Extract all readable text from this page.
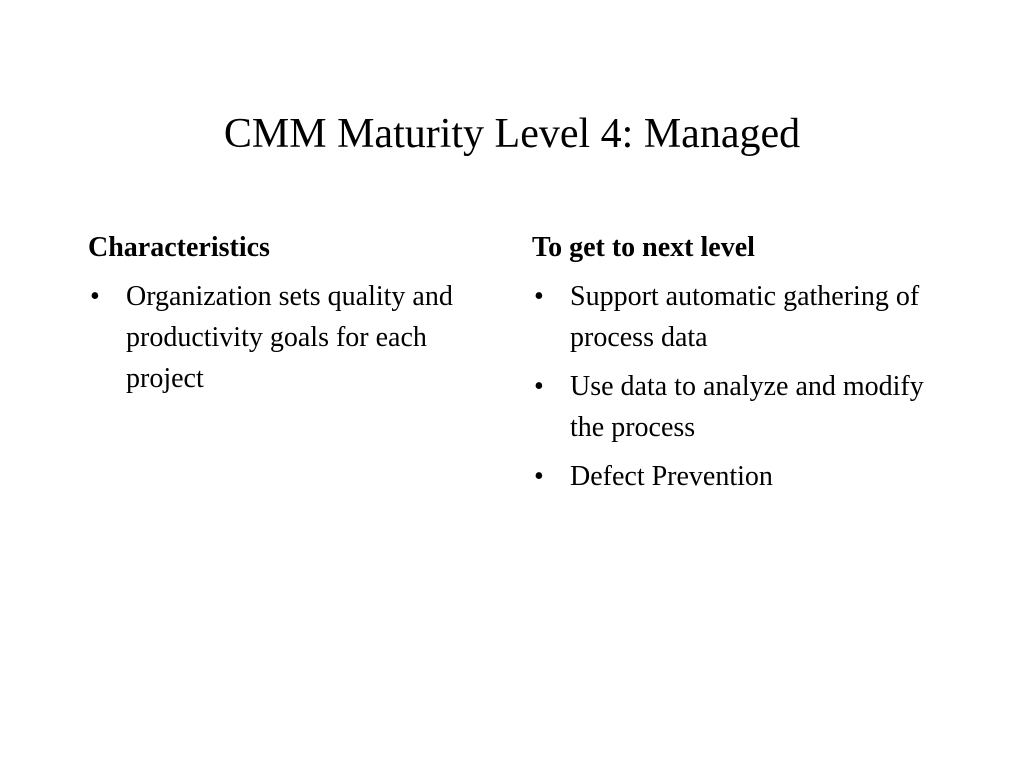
CMM Maturity Level 4: Managed
Characteristics
• Organization sets quality and productivity goals for each project
To get to next level
• Support automatic gathering of process data
• Use data to analyze and modify the process
• Defect Prevention
